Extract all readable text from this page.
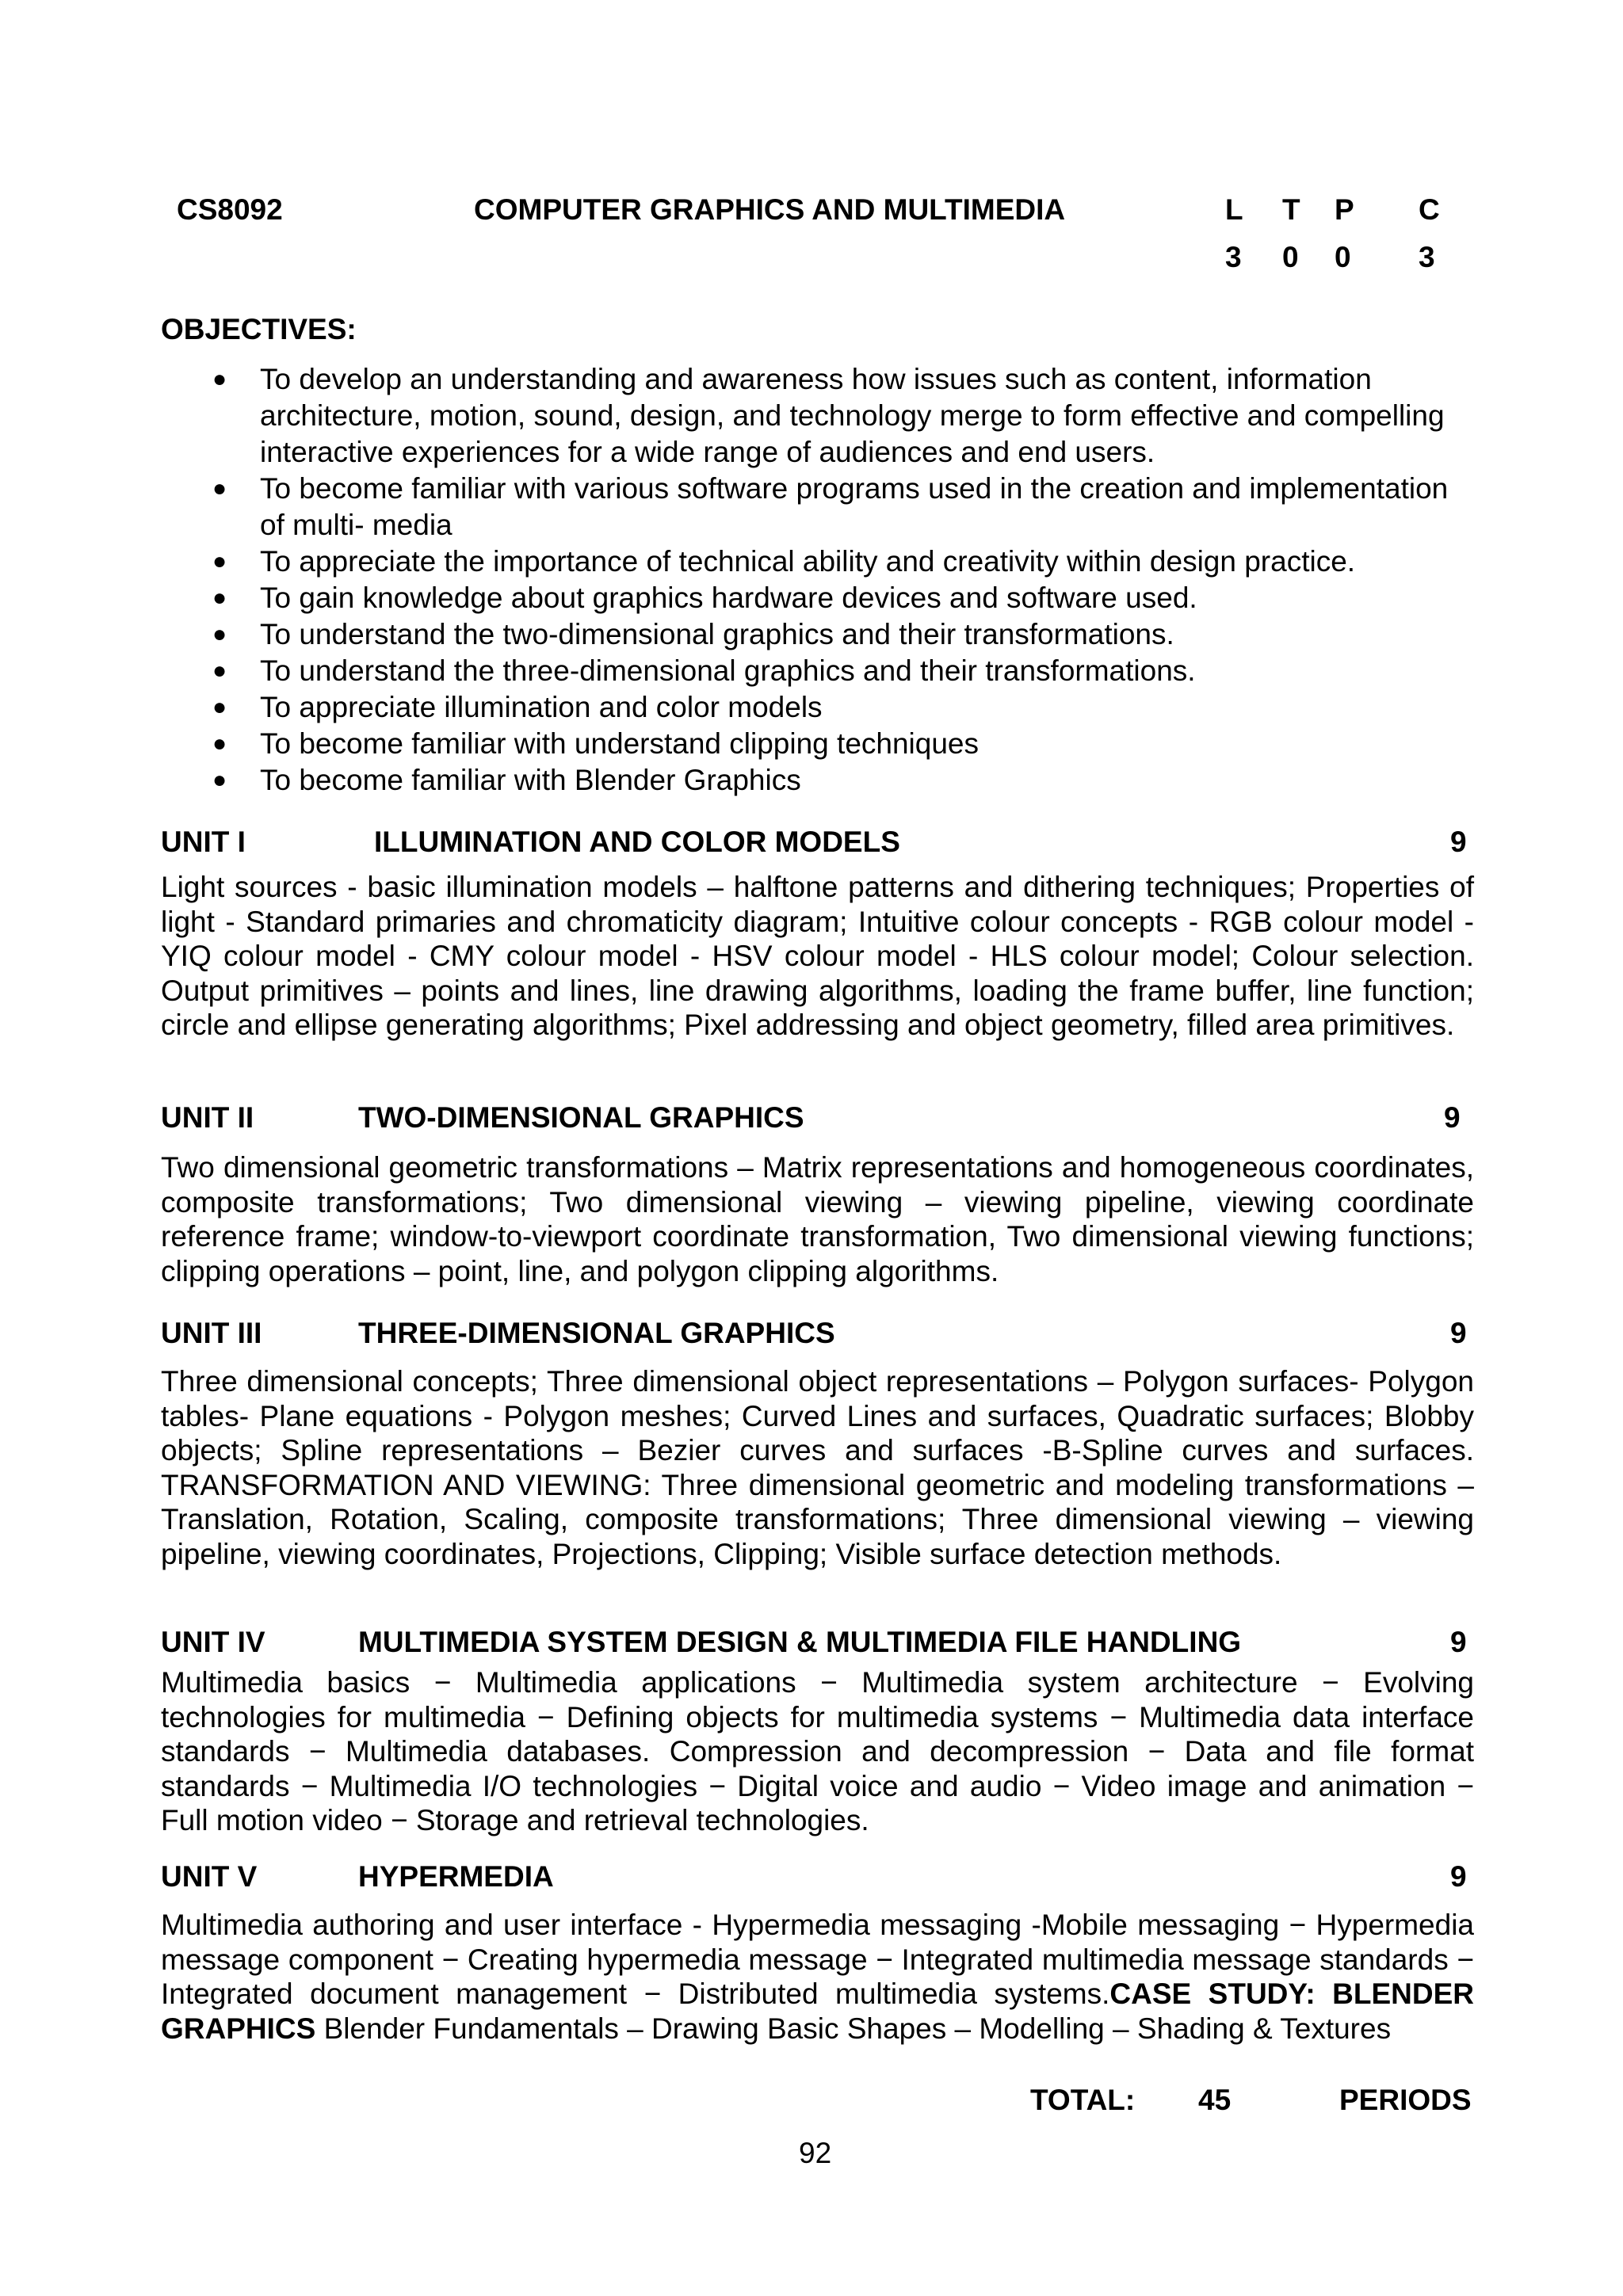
CS8092	COMPUTER GRAPHICS AND MULTIMEDIA	L T P C
3 0 0 3
OBJECTIVES:
● To develop an understanding and awareness how issues such as content, information architecture, motion, sound, design, and technology merge to form effective and compelling interactive experiences for a wide range of audiences and end users.
● To become familiar with various software programs used in the creation and implementation of multi- media
● To appreciate the importance of technical ability and creativity within design practice.
● To gain knowledge about graphics hardware devices and software used.
● To understand the two-dimensional graphics and their transformations.
● To understand the three-dimensional graphics and their transformations.
● To appreciate illumination and color models
● To become familiar with understand clipping techniques
● To become familiar with Blender Graphics
UNIT I	ILLUMINATION AND COLOR MODELS	9
Light sources - basic illumination models – halftone patterns and dithering techniques; Properties of light - Standard primaries and chromaticity diagram; Intuitive colour concepts - RGB colour model - YIQ colour model - CMY colour model - HSV colour model - HLS colour model; Colour selection. Output primitives – points and lines, line drawing algorithms, loading the frame buffer, line function; circle and ellipse generating algorithms; Pixel addressing and object geometry, filled area primitives.
UNIT II	TWO-DIMENSIONAL GRAPHICS	9
Two dimensional geometric transformations – Matrix representations and homogeneous coordinates, composite transformations; Two dimensional viewing – viewing pipeline, viewing coordinate reference frame; window-to-viewport coordinate transformation, Two dimensional viewing functions; clipping operations – point, line, and polygon clipping algorithms.
UNIT III	THREE-DIMENSIONAL GRAPHICS	9
Three dimensional concepts; Three dimensional object representations – Polygon surfaces- Polygon tables- Plane equations - Polygon meshes; Curved Lines and surfaces, Quadratic surfaces; Blobby objects; Spline representations – Bezier curves and surfaces -B-Spline curves and surfaces. TRANSFORMATION AND VIEWING: Three dimensional geometric and modeling transformations – Translation, Rotation, Scaling, composite transformations; Three dimensional viewing – viewing pipeline, viewing coordinates, Projections, Clipping; Visible surface detection methods.
UNIT IV	MULTIMEDIA SYSTEM DESIGN & MULTIMEDIA FILE HANDLING	9
Multimedia basics − Multimedia applications − Multimedia system architecture − Evolving technologies for multimedia − Defining objects for multimedia systems − Multimedia data interface standards − Multimedia databases. Compression and decompression − Data and file format standards − Multimedia I/O technologies − Digital voice and audio − Video image and animation − Full motion video − Storage and retrieval technologies.
UNIT V	HYPERMEDIA	9
Multimedia authoring and user interface - Hypermedia messaging -Mobile messaging − Hypermedia message component − Creating hypermedia message − Integrated multimedia message standards − Integrated document management − Distributed multimedia systems.CASE STUDY: BLENDER GRAPHICS Blender Fundamentals – Drawing Basic Shapes – Modelling – Shading & Textures
TOTAL: 45	PERIODS
92
